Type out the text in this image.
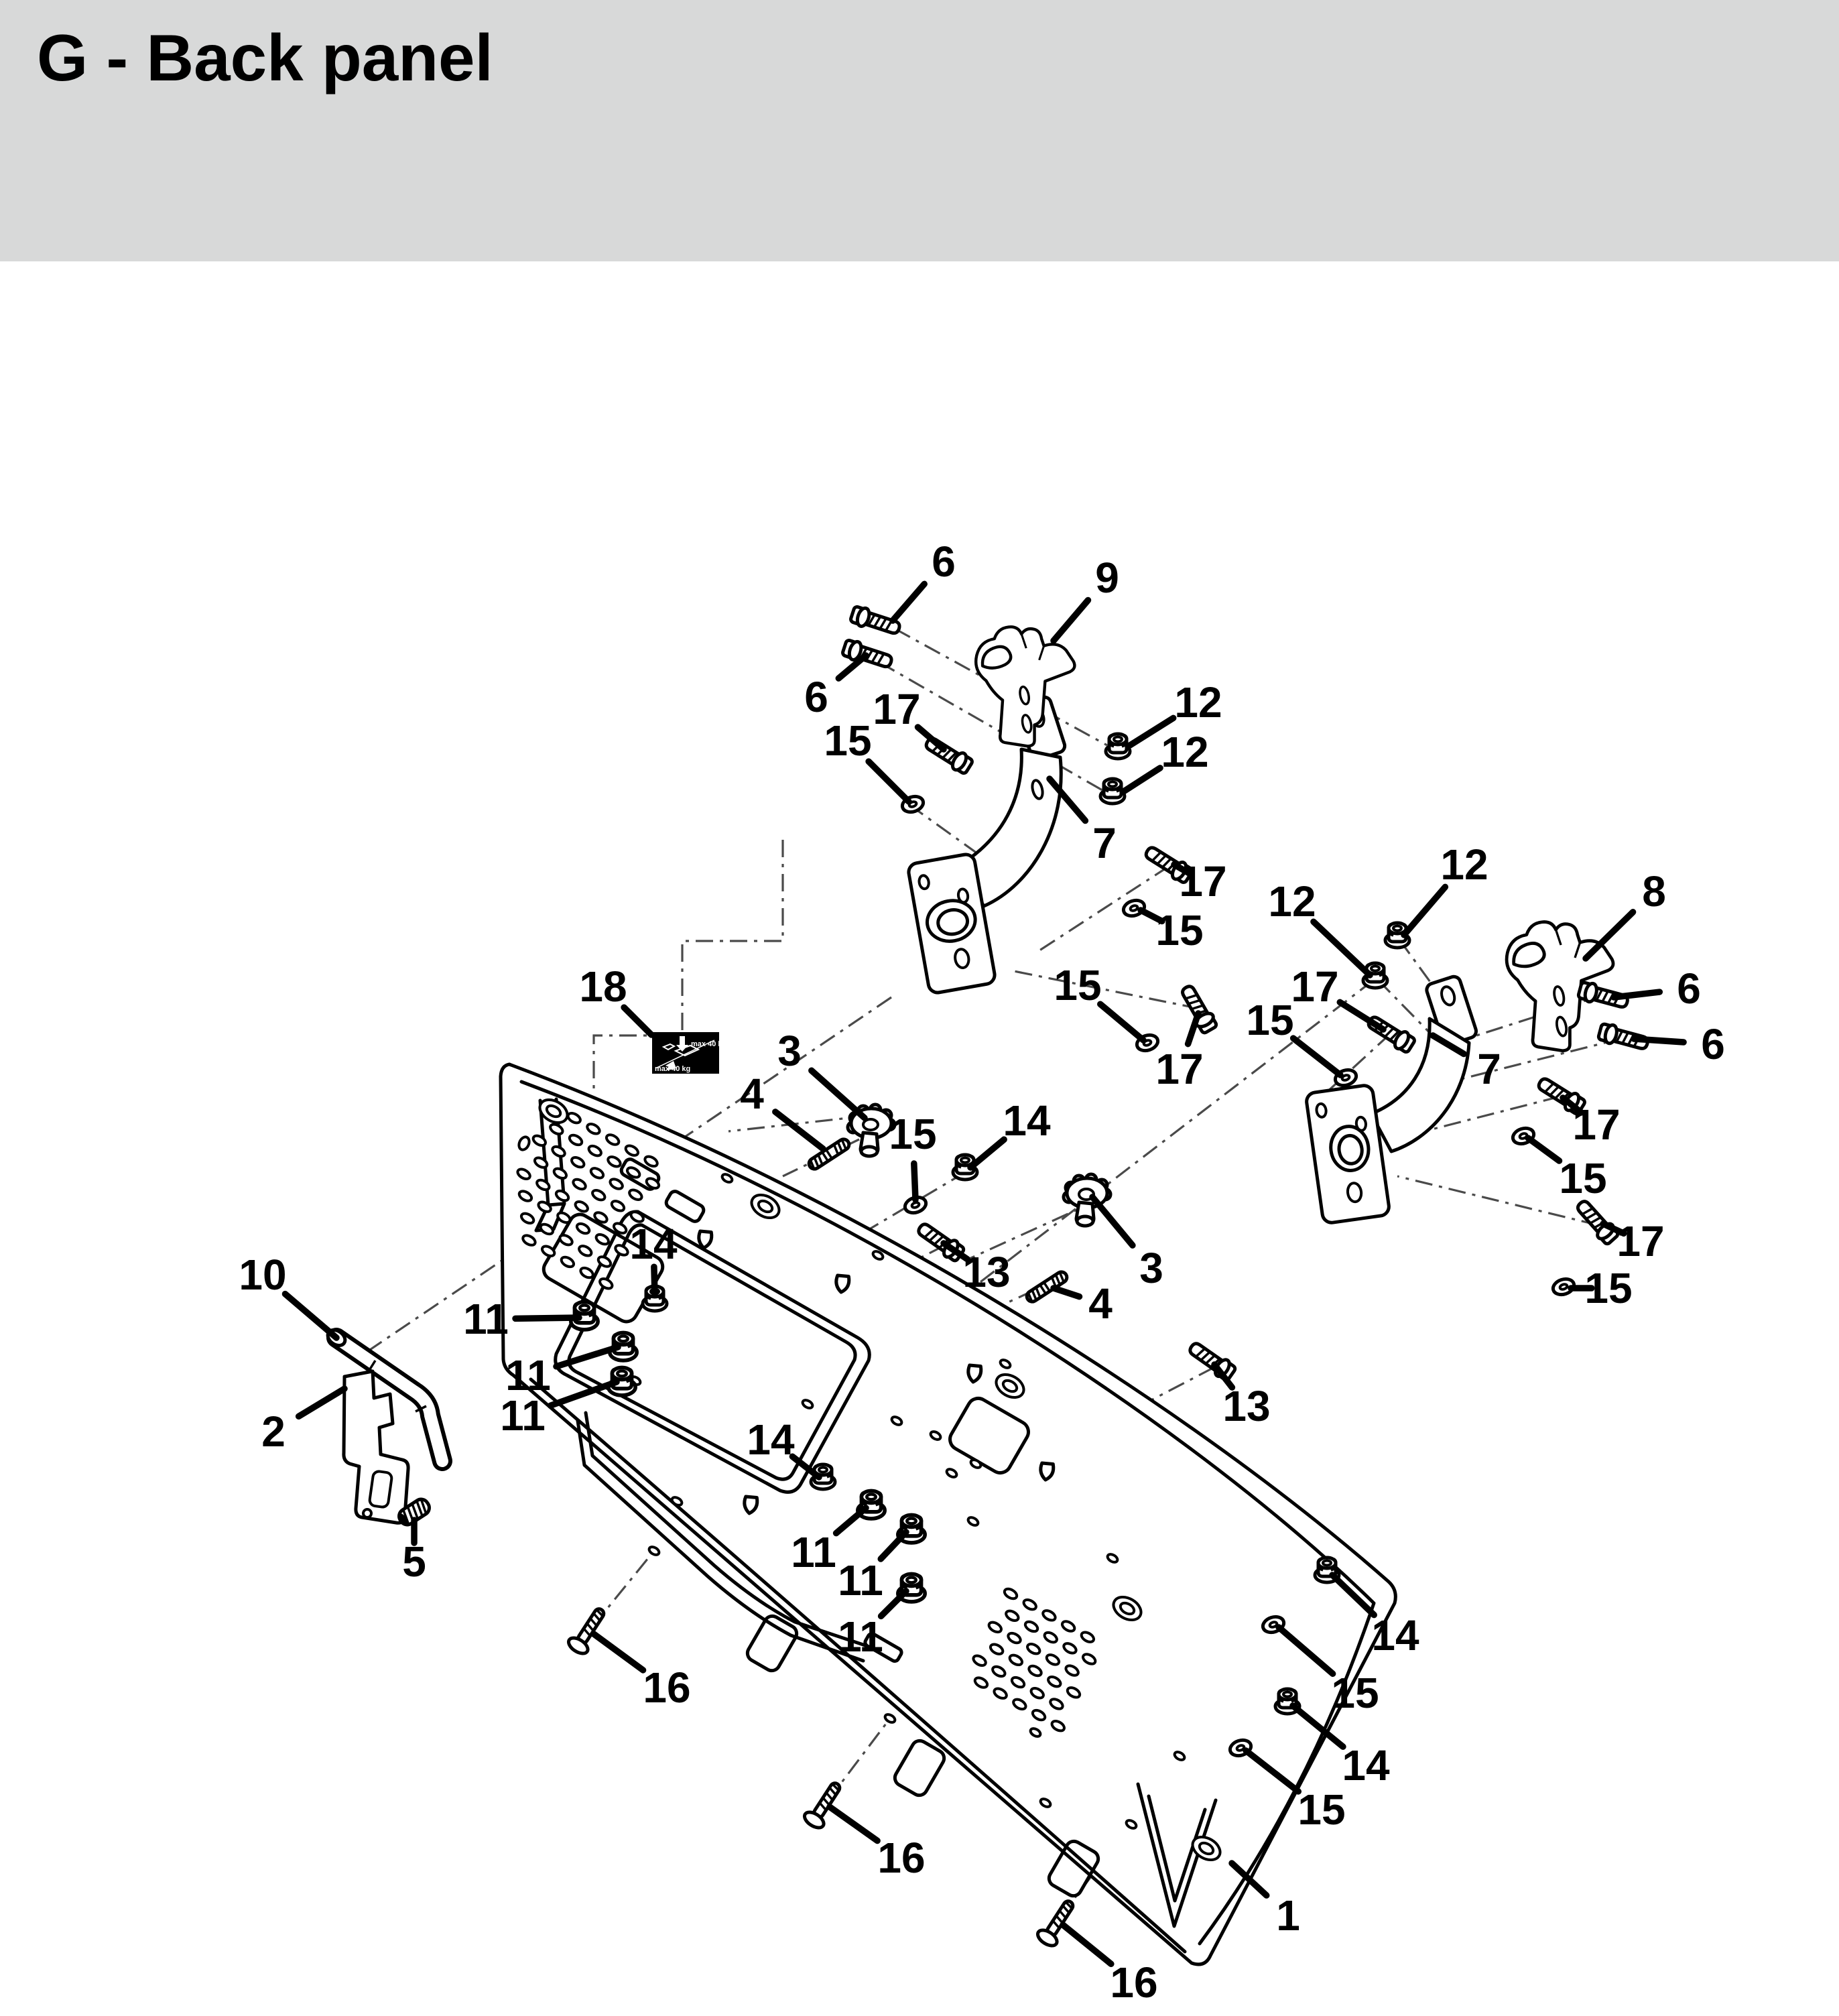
G - Back panel
max 40 kg
max 40 kg
6	9
6 17
15
12
12
7
17
15
15
17
12
12	8
6
6
7
17
15
17
15
17
15
18
3
4
15 14
13	3
4
13
10
11
14
11
11
2
5
14
11
11
11	14
15
14
15
16
16
16
1
